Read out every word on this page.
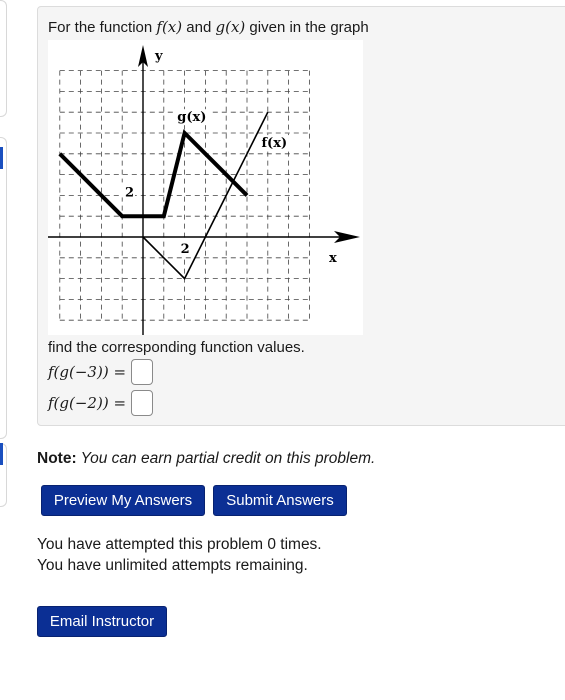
For the function f(x) and g(x) given in the graph
y
x
2
2
g(x)
f(x)
find the corresponding function values.
f(g(−3)) =
f(g(−2)) =
Note: You can earn partial credit on this problem.
Preview My Answers	Submit Answers
You have attempted this problem 0 times.
You have unlimited attempts remaining.
Email Instructor
